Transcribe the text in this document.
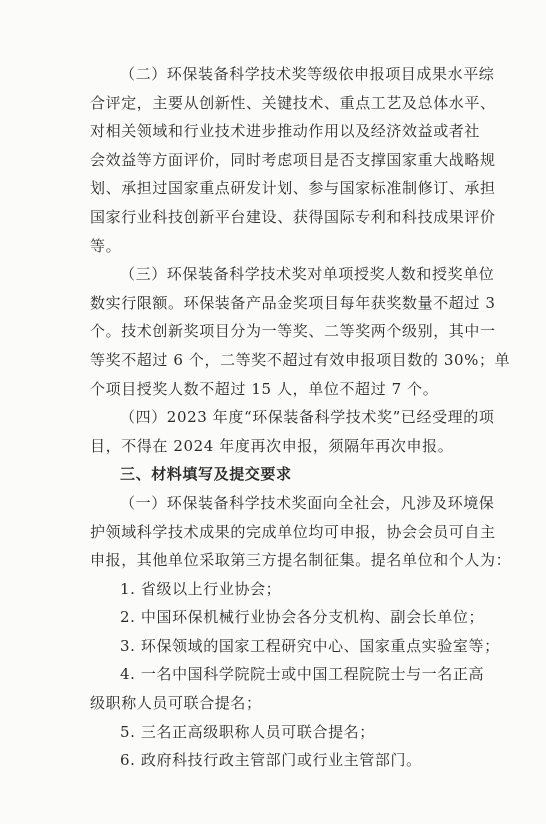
（二）环保装备科学技术奖等级依申报项目成果水平综
合评定，主要从创新性、关键技术、重点工艺及总体水平、
对相关领域和行业技术进步推动作用以及经济效益或者社
会效益等方面评价，同时考虑项目是否支撑国家重大战略规
划、承担过国家重点研发计划、参与国家标准制修订、承担
国家行业科技创新平台建设、获得国际专利和科技成果评价
等。

（三）环保装备科学技术奖对单项授奖人数和授奖单位
数实行限额。环保装备产品金奖项目每年获奖数量不超过 3
个。技术创新奖项目分为一等奖、二等奖两个级别，其中一
等奖不超过 6 个，二等奖不超过有效申报项目数的 30%；单
个项目授奖人数不超过 15 人，单位不超过 7 个。

（四）2023 年度“环保装备科学技术奖”已经受理的项
目，不得在 2024 年度再次申报，须隔年再次申报。

三、材料填写及提交要求

（一）环保装备科学技术奖面向全社会，凡涉及环境保
护领域科学技术成果的完成单位均可申报，协会会员可自主
申报，其他单位采取第三方提名制征集。提名单位和个人为：

1. 省级以上行业协会；
2. 中国环保机械行业协会各分支机构、副会长单位；
3. 环保领域的国家工程研究中心、国家重点实验室等；
4. 一名中国科学院院士或中国工程院院士与一名正高
级职称人员可联合提名；
5. 三名正高级职称人员可联合提名；
6. 政府科技行政主管部门或行业主管部门。
